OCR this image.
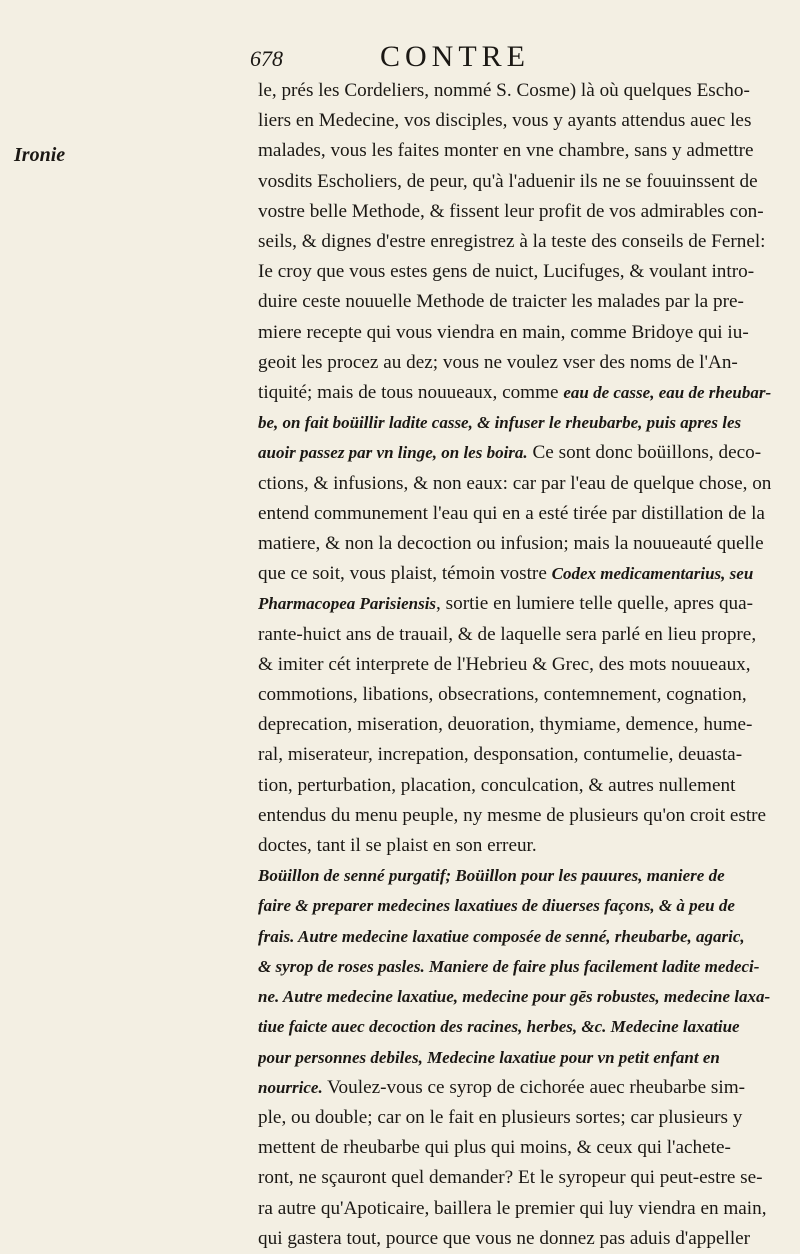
678	CONTRE
Ironie
le, prés les Cordeliers, nommé S. Cosme) là où quelques Escho-
liers en Medecine, vos disciples, vous y ayants attendus auec les
malades, vous les faites monter en vne chambre, sans y admettre
vosdits Escholiers, de peur, qu'à l'aduenir ils ne se fouuinssent de
vostre belle Methode, & fissent leur profit de vos admirables con-
seils, & dignes d'estre enregistrez à la teste des conseils de Fernel:
Ie croy que vous estes gens de nuict, Lucifuges, & voulant intro-
duire ceste nouuelle Methode de traicter les malades par la pre-
miere recepte qui vous viendra en main, comme Bridoye qui iu-
geoit les procez au dez; vous ne voulez vser des noms de l'An-
tiquité; mais de tous nouueaux, comme eau de casse, eau de rheubar-
be, on fait boüillir ladite casse, & infuser le rheubarbe, puis apres les
auoir passez par vn linge, on les boira. Ce sont donc boüillons, deco-
ctions, & infusions, & non eaux: car par l'eau de quelque chose, on
entend communement l'eau qui en a esté tirée par distillation de la
matiere, & non la decoction ou infusion; mais la nouueauté quelle
que ce soit, vous plaist, témoin vostre Codex medicamentarius, seu
Pharmacopea Parisiensis, sortie en lumiere telle quelle, apres qua-
rante-huict ans de trauail, & de laquelle sera parlé en lieu propre,
& imiter cét interprete de l'Hebrieu & Grec, des mots nouueaux,
commotions, libations, obsecrations, contemnement, cognation,
deprecation, miseration, deuoration, thymiame, demence, hume-
ral, miserateur, increpation, desponsation, contumelie, deuasta-
tion, perturbation, placation, conculcation, & autres nullement
entendus du menu peuple, ny mesme de plusieurs qu'on croit estre
doctes, tant il se plaist en son erreur.
Boüillon de senné purgatif; Boüillon pour les pauures, maniere de
faire & preparer medecines laxatiues de diuerses façons, & à peu de
frais. Autre medecine laxatiue composée de senné, rheubarbe, agaric,
& syrop de roses pasles. Maniere de faire plus facilement ladite medeci-
ne. Autre medecine laxatiue, medecine pour gēs robustes, medecine laxa-
tiue faicte auec decoction des racines, herbes, &c. Medecine laxatiue
pour personnes debiles, Medecine laxatiue pour vn petit enfant en
nourrice. Voulez-vous ce syrop de cichorée auec rheubarbe sim-
ple, ou double; car on le fait en plusieurs sortes; car plusieurs y
mettent de rheubarbe qui plus qui moins, & ceux qui l'achete-
ront, ne sçauront quel demander? Et le syropeur qui peut-estre se-
ra autre qu'Apoticaire, baillera le premier qui luy viendra en main,
qui gastera tout, pource que vous ne donnez pas aduis d'appeller
